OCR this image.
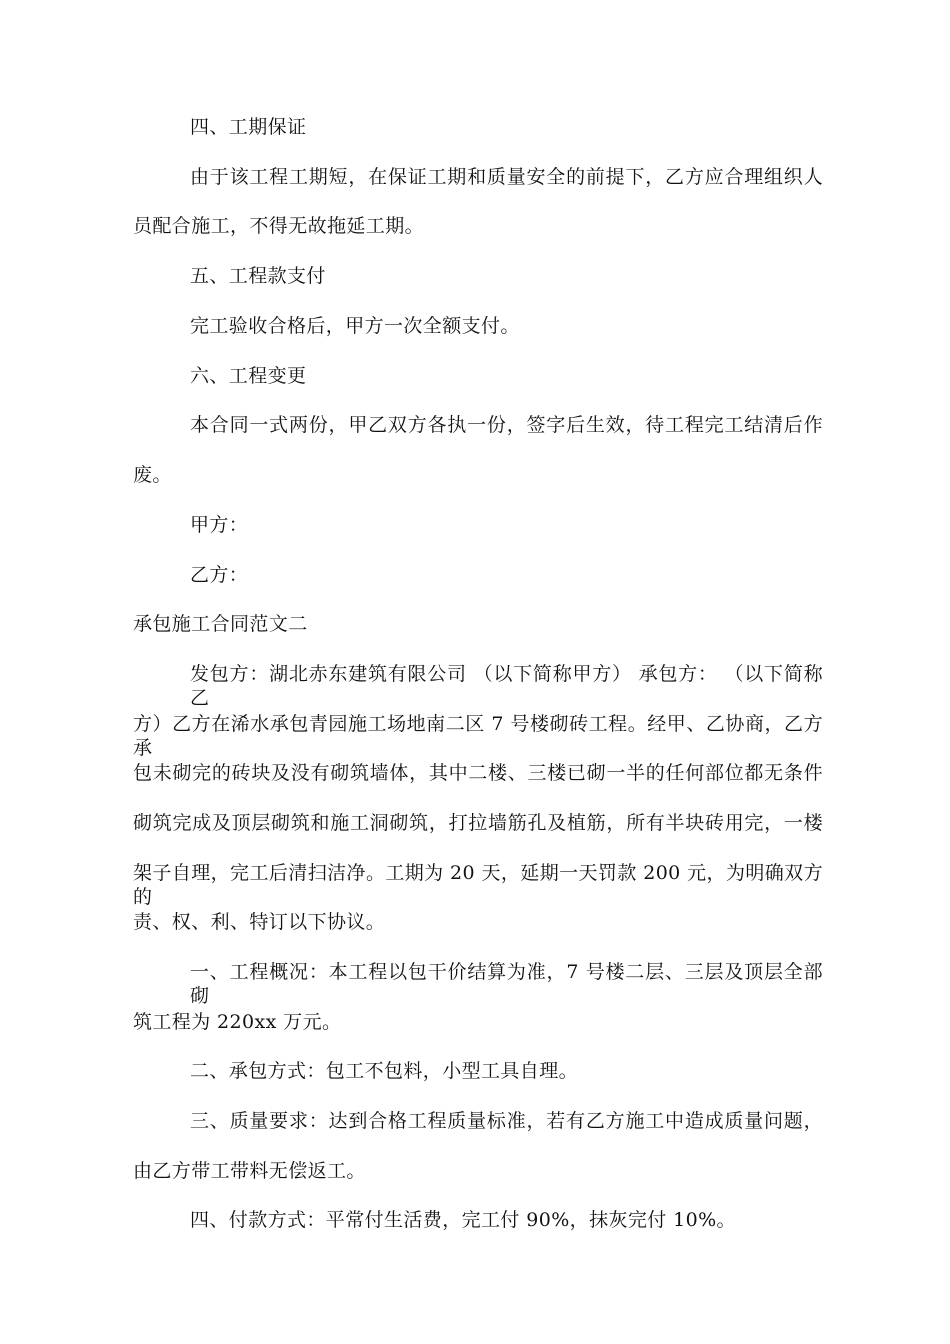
四、工期保证
由于该工程工期短，在保证工期和质量安全的前提下，乙方应合理组织人
员配合施工，不得无故拖延工期。
五、工程款支付
完工验收合格后，甲方一次全额支付。
六、工程变更
本合同一式两份，甲乙双方各执一份，签字后生效，待工程完工结清后作
废。
甲方：
乙方：
承包施工合同范文二
发包方：湖北赤东建筑有限公司 （以下简称甲方） 承包方： （以下简称乙
方）乙方在浠水承包青园施工场地南二区 7 号楼砌砖工程。经甲、乙协商，乙方承
包未砌完的砖块及没有砌筑墙体，其中二楼、三楼已砌一半的任何部位都无条件
砌筑完成及顶层砌筑和施工洞砌筑，打拉墙筋孔及植筋，所有半块砖用完，一楼
架子自理，完工后清扫洁净。工期为 20 天，延期一天罚款 200 元，为明确双方的
责、权、利、特订以下协议。
一、工程概况：本工程以包干价结算为准，7 号楼二层、三层及顶层全部砌
筑工程为 220xx 万元。
二、承包方式：包工不包料，小型工具自理。
三、质量要求：达到合格工程质量标准，若有乙方施工中造成质量问题，
由乙方带工带料无偿返工。
四、付款方式：平常付生活费，完工付 90%，抹灰完付 10%。
